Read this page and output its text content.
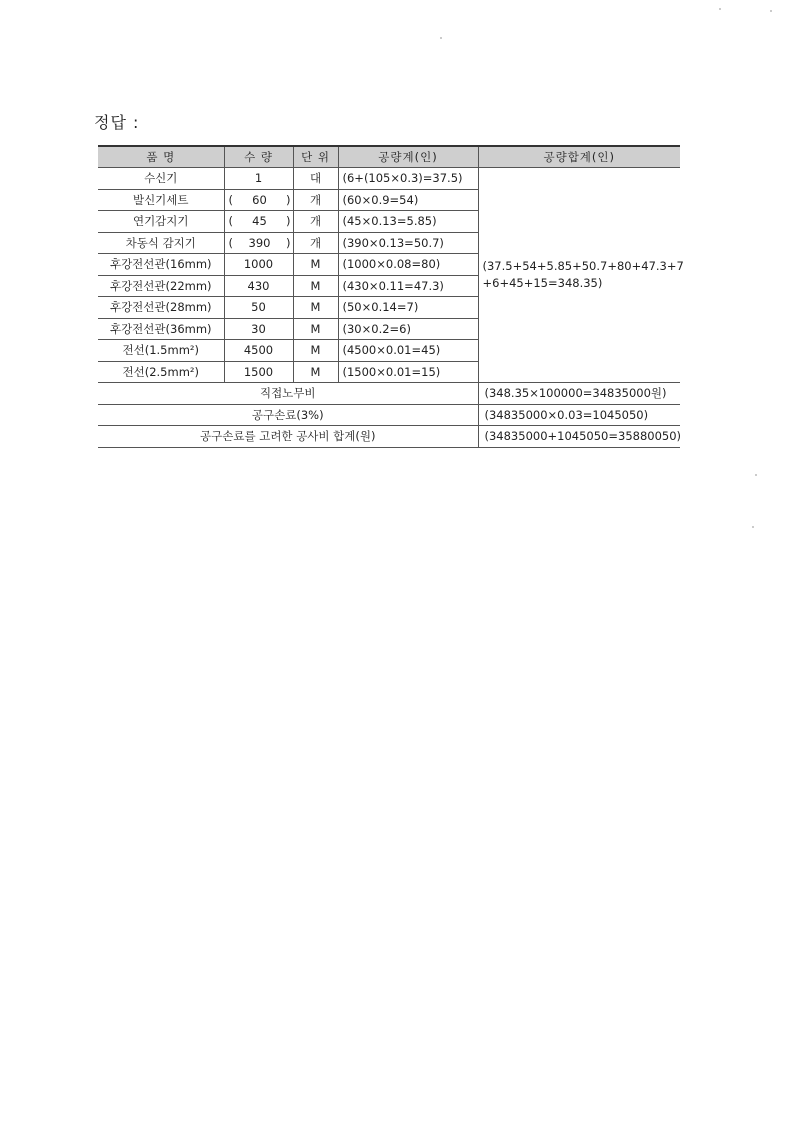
정답 :
품 명	수 량	단 위	공량계(인)	공량합계(인)
수신기	1	대	(6+(105×0.3)=37.5)	(37.5+54+5.85+50.7+80+47.3+7
+6+45+15=348.35)

발신기세트	( 60 )	개	(60×0.9=54)	
연기감지기	( 45 )	개	(45×0.13=5.85)	
차동식 감지기	( 390 )	개	(390×0.13=50.7)	
후강전선관(16mm)	1000	M	(1000×0.08=80)	
후강전선관(22mm)	430	M	(430×0.11=47.3)	
후강전선관(28mm)	50	M	(50×0.14=7)	
후강전선관(36mm)	30	M	(30×0.2=6)	
전선(1.5mm²)	4500	M	(4500×0.01=45)	
전선(2.5mm²)	1500	M	(1500×0.01=15)	
직접노무비				(348.35×100000=34835000원)
공구손료(3%)				(34835000×0.03=1045050)
공구손료를 고려한 공사비 합계(원)				(34835000+1045050=35880050)
